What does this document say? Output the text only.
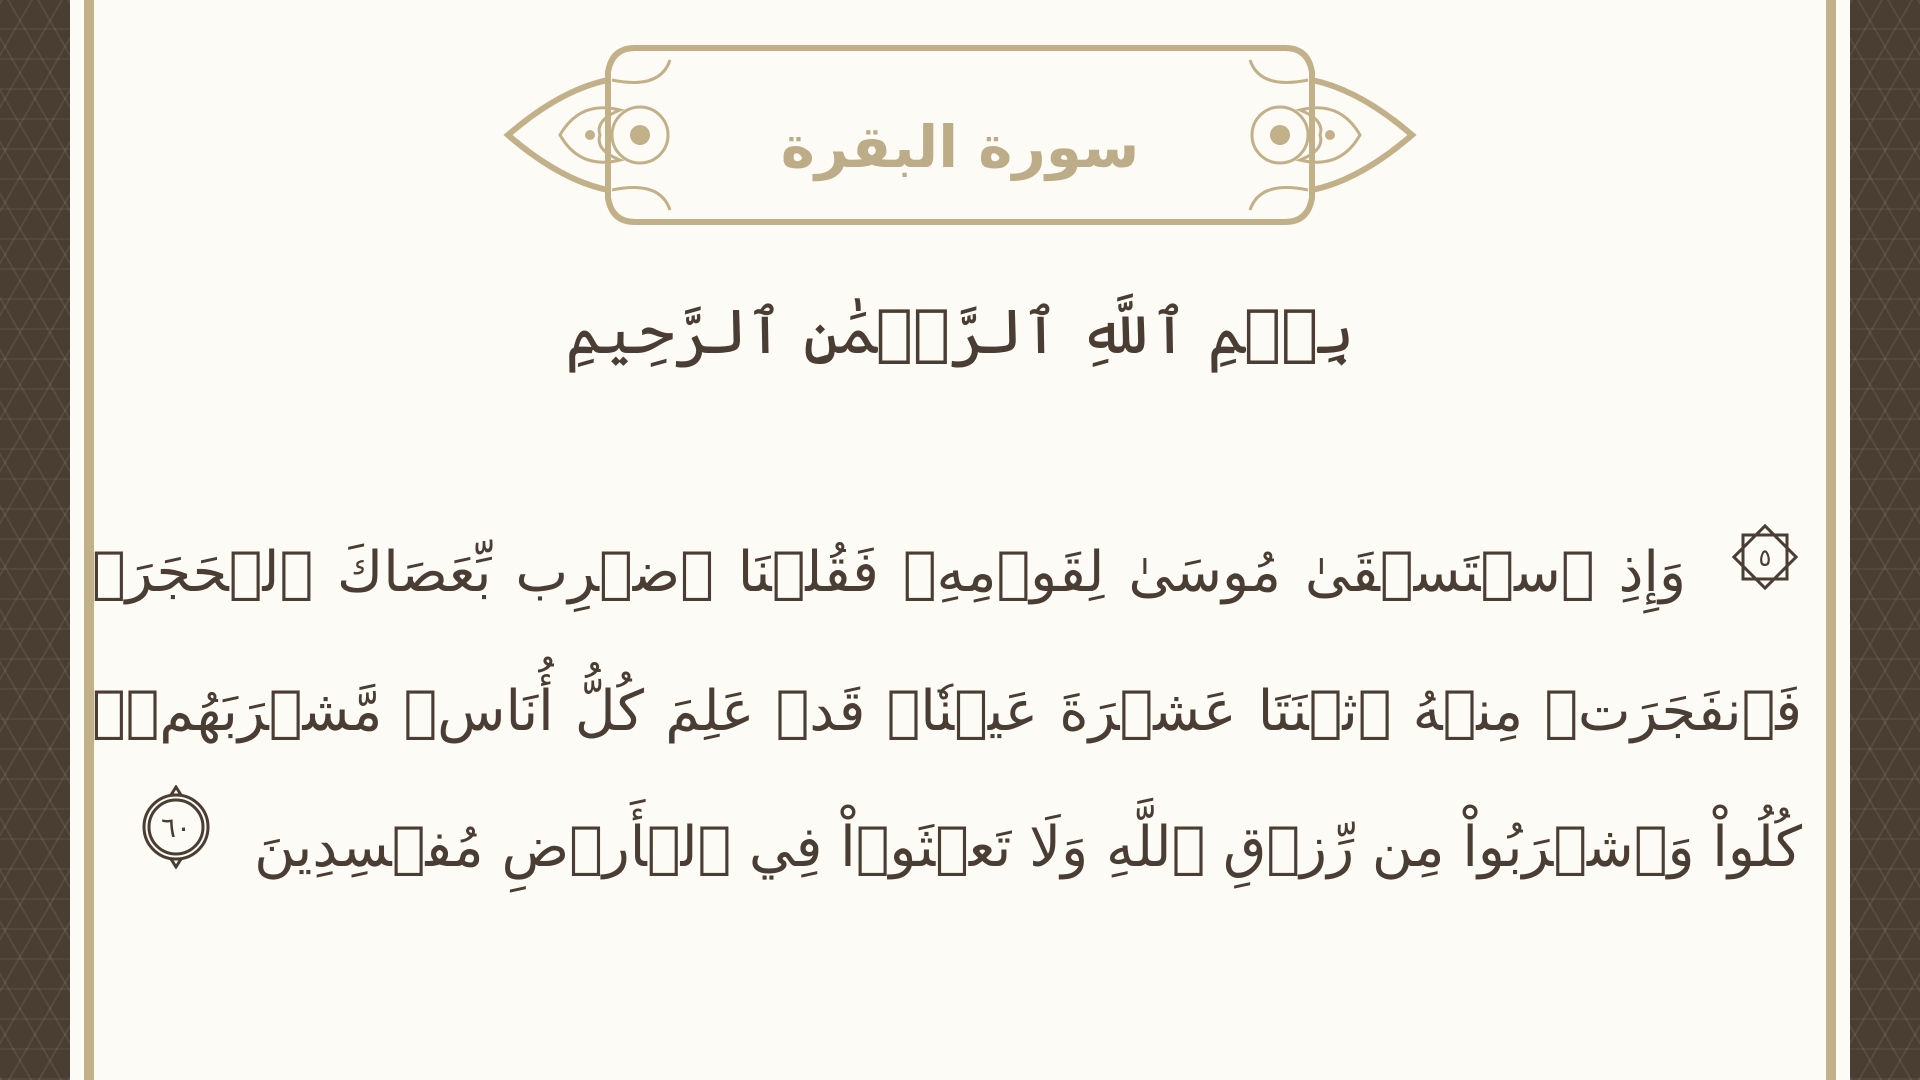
سورة البقرة
بِسۡمِ ٱللَّهِ ٱلرَّحۡمَٰنِ ٱلرَّحِيمِ
٥
وَإِذِ ٱسۡتَسۡقَىٰ مُوسَىٰ لِقَوۡمِهِۦ فَقُلۡنَا ٱضۡرِب بِّعَصَاكَ ٱلۡحَجَرَۖ فَٱنفَجَرَتۡ مِنۡهُ ٱثۡنَتَا عَشۡرَةَ عَيۡنٗاۖ قَدۡ عَلِمَ كُلُّ أُنَاسٖ مَّشۡرَبَهُمۡۖ كُلُواْ وَٱشۡرَبُواْ مِن رِّزۡقِ ٱللَّهِ وَلَا تَعۡثَوۡاْ فِي ٱلۡأَرۡضِ مُفۡسِدِينَ
٦٠
